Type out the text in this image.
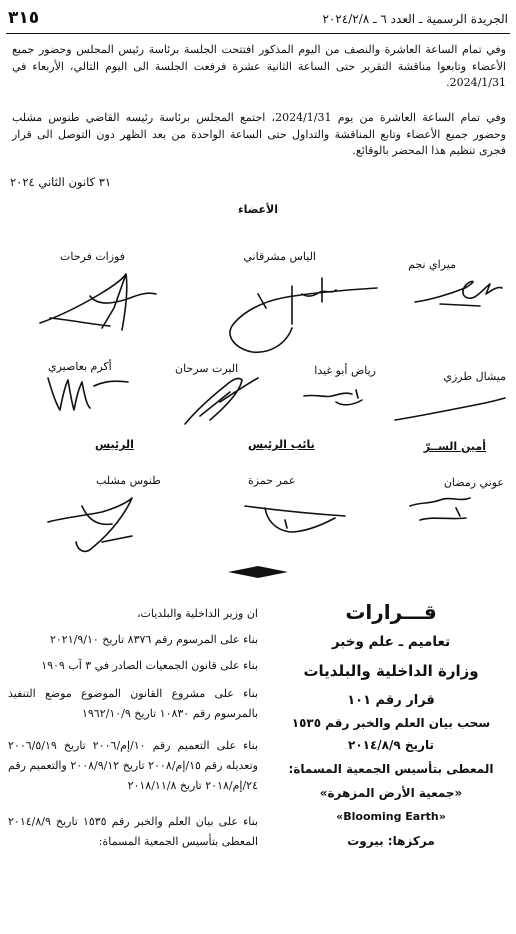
الجريدة الرسمية ـ العدد ٦ ـ ٢٠٢٤/٢/٨
٣١٥

وفي تمام الساعة العاشرة والنصف من اليوم المذكور افتتحت الجلسة برئاسة رئيس المجلس وحضور جميع الأعضاء وتابعوا مناقشة التقرير حتى الساعة الثانية عشرة فرفعت الجلسة الى اليوم التالي، الأربعاء في 2024/1/31.

وفي تمام الساعة العاشرة من يوم 2024/1/31، اجتمع المجلس برئاسة رئيسه القاضي طنوس مشلب وحضور جميع الأعضاء وتابع المناقشة والتداول حتى الساعة الواحدة من بعد الظهر دون التوصل الى قرار فجرى تنظيم هذا المحضر بالوقائع.

٣١ كانون الثاني ٢٠٢٤
الأعضاء
ميراي نجم
الياس مشرقاني
فوزات فرحات
ميشال طرزي
رياض أبو غيدا
اليرت سرحان
أكرم بعاصيري
أمين الســرّ
نائب الرئيس
الرئيس
عوني رمضان
عمر حمزة
طنوس مشلب
قـــرارات
تعاميم ـ علم وخبر
وزارة الداخلية والبلديات
قرار رقم ١٠١
سحب بيان العلم والخبر رقم ١٥٣٥
تاريخ ٢٠١٤/٨/٩
المعطى بتأسيس الجمعية المسماة:
«جمعية الأرض المزهرة»
«Blooming Earth»
مركزها: بيروت
ان وزير الداخلية والبلديات،
بناء على المرسوم رقم ٨٣٧٦ تاريخ ٢٠٢١/٩/١٠
بناء على قانون الجمعيات الصادر في ٣ آب ١٩٠٩
بناء على مشروع القانون الموضوع موضع التنفيذ بالمرسوم رقم ١٠٨٣٠ تاريخ ١٩٦٢/١٠/٩
بناء على التعميم رقم ١٠/إم/٢٠٠٦ تاريخ ٢٠٠٦/٥/١٩ وتعديله رقم ١٥/إم/٢٠٠٨ تاريخ ٢٠٠٨/٩/١٢ والتعميم رقم ٢٤/إم/٢٠١٨ تاريخ ٢٠١٨/١١/٨
بناء على بيان العلم والخبر رقم ١٥٣٥ تاريخ ٢٠١٤/٨/٩ المعطى بتأسيس الجمعية المسماة:
